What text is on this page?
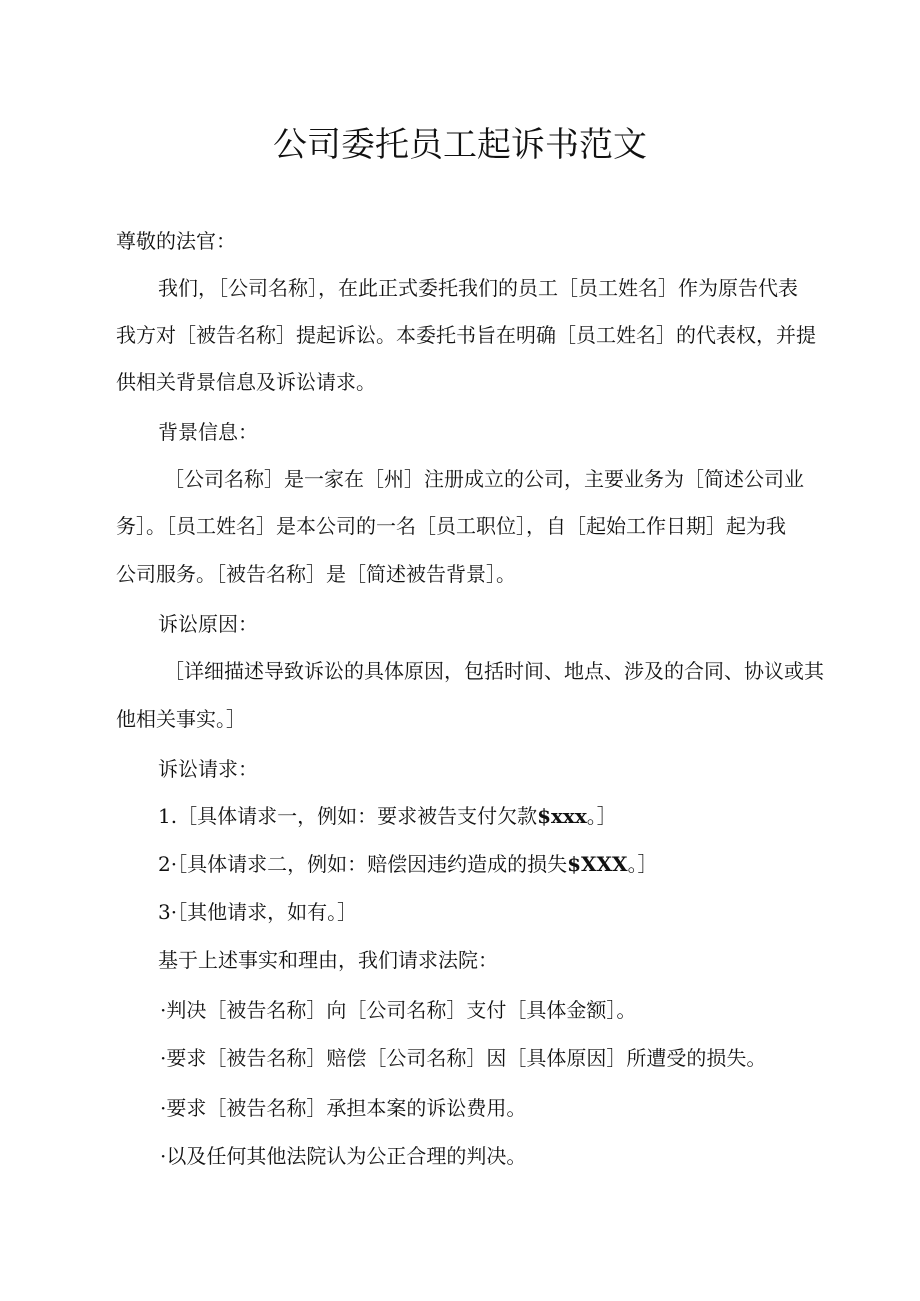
公司委托员工起诉书范文
尊敬的法官：
我们，［公司名称］，在此正式委托我们的员工［员工姓名］作为原告代表
我方对［被告名称］提起诉讼。本委托书旨在明确［员工姓名］的代表权，并提
供相关背景信息及诉讼请求。
背景信息：
［公司名称］是一家在［州］注册成立的公司，主要业务为［简述公司业
务］。［员工姓名］是本公司的一名［员工职位］，自［起始工作日期］起为我
公司服务。［被告名称］是［简述被告背景］。
诉讼原因：
［详细描述导致诉讼的具体原因，包括时间、地点、涉及的合同、协议或其
他相关事实。］
诉讼请求：
1.［具体请求一，例如：要求被告支付欠款$xxx。］
2·［具体请求二，例如：赔偿因违约造成的损失$XXX。］
3·［其他请求，如有。］
基于上述事实和理由，我们请求法院：
·判决［被告名称］向［公司名称］支付［具体金额］。
·要求［被告名称］赔偿［公司名称］因［具体原因］所遭受的损失。
·要求［被告名称］承担本案的诉讼费用。
·以及任何其他法院认为公正合理的判决。
